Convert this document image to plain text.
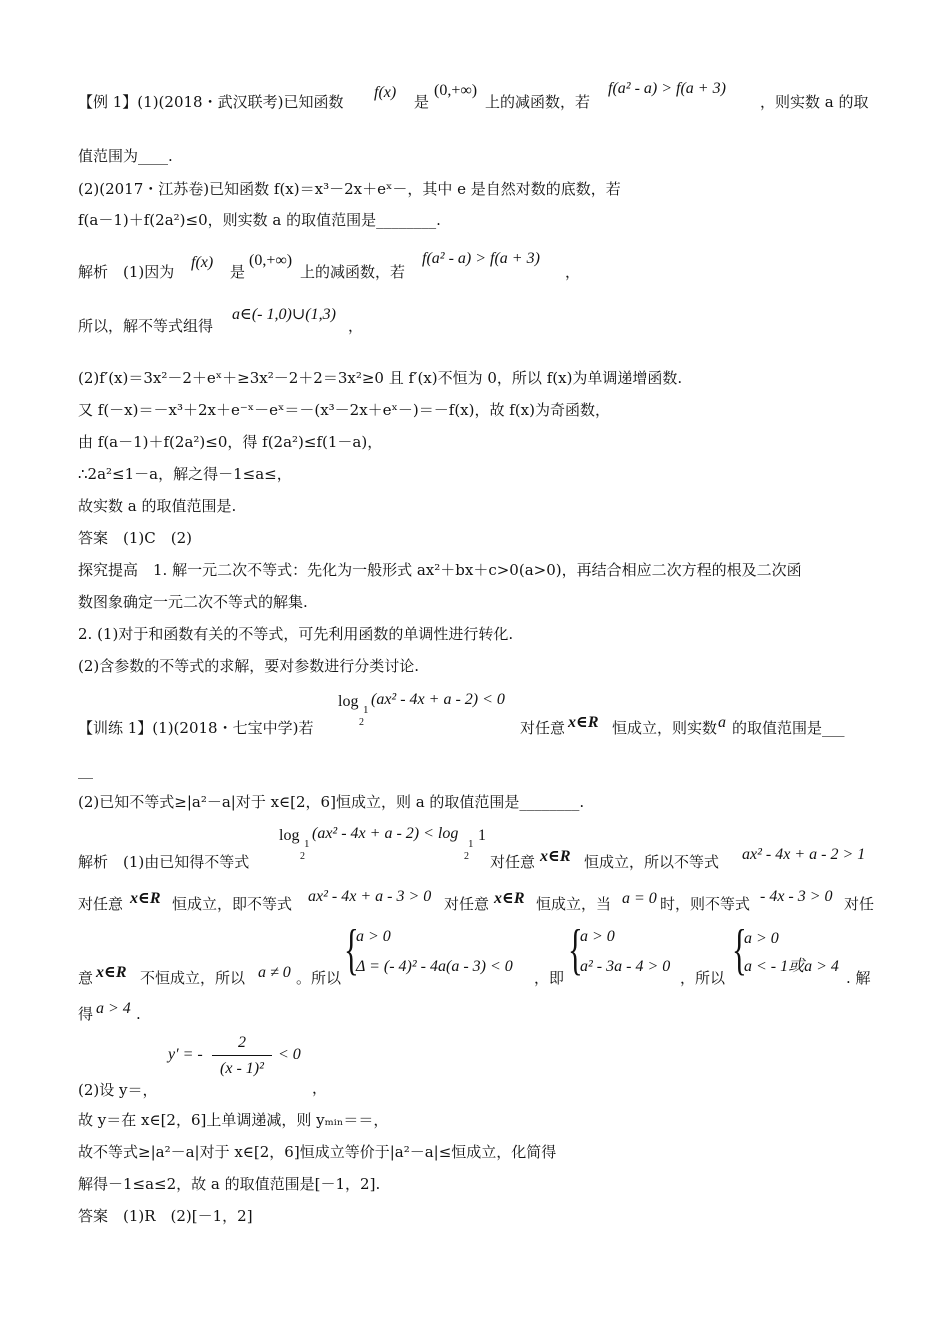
【例 1】(1)(2018・武汉联考)已知函数
f(x)
是
(0,+∞)
上的减函数，若
f(a² - a) > f(a + 3)
，则实数 a 的取
值范围为____.
(2)(2017・江苏卷)已知函数 f(x)＝x³－2x＋eˣ－，其中 e 是自然对数的底数，若
f(a－1)＋f(2a²)≤0，则实数 a 的取值范围是________.
解析　(1)因为
f(x)
是
(0,+∞)
上的减函数，若
f(a² - a) > f(a + 3)
，
所以，解不等式组得
a∈(- 1,0)∪(1,3)
，
(2)f′(x)＝3x²－2＋eˣ＋≥3x²－2＋2＝3x²≥0 且 f′(x)不恒为 0，所以 f(x)为单调递增函数.
又 f(－x)＝－x³＋2x＋e⁻ˣ－eˣ＝－(x³－2x＋eˣ－)＝－f(x)，故 f(x)为奇函数，
由 f(a－1)＋f(2a²)≤0，得 f(2a²)≤f(1－a)，
∴2a²≤1－a，解之得－1≤a≤，
故实数 a 的取值范围是.
答案　(1)C　(2)
探究提高　1. 解一元二次不等式：先化为一般形式 ax²＋bx＋c>0(a>0)，再结合相应二次方程的根及二次函
数图象确定一元二次不等式的解集.
2. (1)对于和函数有关的不等式，可先利用函数的单调性进行转化.
(2)含参数的不等式的求解，要对参数进行分类讨论.
log 1
2
(ax² - 4x + a - 2) < 0
【训练 1】(1)(2018・七宝中学)若	对任意 x∈R 恒成立，则实数 a 的取值范围是___
__
(2)已知不等式≥|a²－a|对于 x∈[2，6]恒成立，则 a 的取值范围是________.
log 1
2
(ax² - 4x + a - 2) < log
1
2
1
解析　(1)由已知得不等式	对任意 x∈R 恒成立，所以不等式 ax² - 4x + a - 2 > 1
对任意 x∈R 恒成立，即不等式 ax² - 4x + a - 3 > 0 对任意 x∈R 恒成立，当 a = 0 时，则不等式 - 4x - 3 > 0 对任
意 x∈R 不恒成立，所以 a ≠ 0 。所以 {
a > 0
Δ = (- 4)² - 4a(a - 3) < 0
，即 {
a > 0
a² - 3a - 4 > 0
，所以 {
a > 0
a < - 1或a > 4
. 解
得 a > 4 .
y′ = -
2
(x - 1)²
< 0
(2)设 y＝，	，
故 y＝在 x∈[2，6]上单调递减，则 yₘᵢₙ＝＝，
故不等式≥|a²－a|对于 x∈[2，6]恒成立等价于|a²－a|≤恒成立，化简得
解得－1≤a≤2，故 a 的取值范围是[－1，2].
答案　(1)R　(2)[－1，2]
